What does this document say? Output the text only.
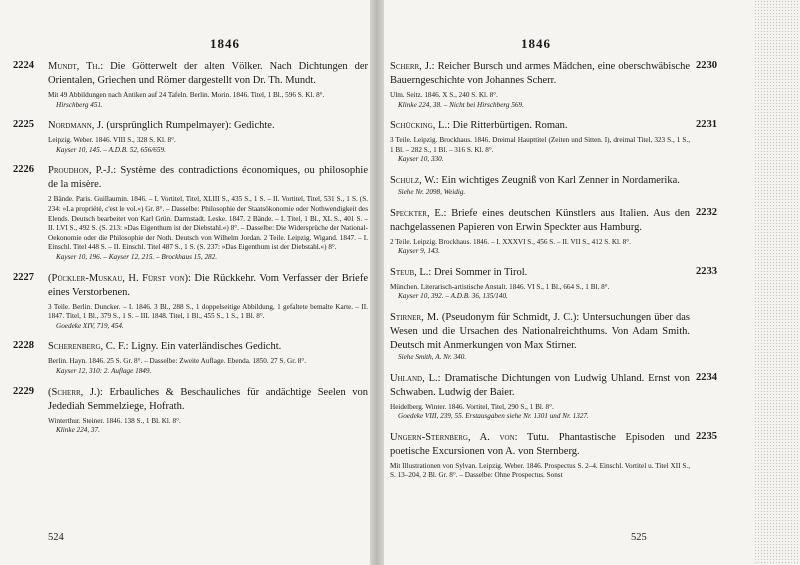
1846
2224 Mundt, Th.: Die Götterwelt der alten Völker. Nach Dichtungen der Orientalen, Griechen und Römer dargestellt von Dr. Th. Mundt.
Mit 49 Abbildungen nach Antiken auf 24 Tafeln. Berlin. Morin. 1846. Titel, 1 Bl., 596 S. Kl. 8°.
Hirschberg 451.
2225 Nordmann, J. (ursprünglich Rumpelmayer): Gedichte.
Leipzig. Weber. 1846. VIII S., 328 S. Kl. 8°.
Kayser 10, 145. – A.D.B. 52, 656/659.
2226 Proudhon, P.-J.: Système des contradictions économiques, ou philosophie de la misère.
2 Bände. Paris. Guillaumin. 1846. – I. Vortitel, Titel, XLIII S., 435 S., 1 S. – II. Vortitel, Titel, 531 S., 1 S. (S. 234: »La propriété, c'est le vol.«) Gr. 8°. – Dasselbe: Philosophie der Staatsökonomie oder Nothwendigkeit des Elends. Deutsch bearbeitet von Karl Grün. Darmstadt. Leske. 1847. 2 Bände. – I. Titel, 1 Bl., XL S., 401 S. – II. LVI S., 492 S. (S. 213: »Das Eigenthum ist der Diebstahl.«) 8°. – Dasselbe: Die Widersprüche der National-Oekonomie oder die Philosophie der Noth. Deutsch von Wilhelm Jordan. 2 Teile. Leipzig. Wigand. 1847. – I. Einschl. Titel 448 S. – II. Einschl. Titel 487 S., 1 S. (S. 237: »Das Eigenthum ist der Diebstahl.«) 8°.
Kayser 10, 196. – Kayser 12, 215. – Brockhaus 15, 282.
2227 (Pückler-Muskau, H. Fürst von): Die Rückkehr. Vom Verfasser der Briefe eines Verstorbenen.
3 Teile. Berlin. Duncker. – I. 1846. 3 Bl., 288 S., 1 doppelseitige Abbildung, 1 gefaltete bemalte Karte. – II. 1847. Titel, 1 Bl., 379 S., 1 S. – III. 1848. Titel, 1 Bl., 455 S., 1 S., 1 Bl. 8°.
Goedeke XIV, 719, 454.
2228 Scherenberg, C. F.: Ligny. Ein vaterländisches Gedicht.
Berlin. Hayn. 1846. 25 S. Gr. 8°. – Dasselbe: Zweite Auflage. Ebenda. 1850. 27 S. Gr. 8°.
Kayser 12, 310: 2. Auflage 1849.
2229 (Scherr, J.): Erbauliches & Beschauliches für andächtige Seelen von Jedediah Semmelziege, Hofrath.
Winterthur. Steiner. 1846. 138 S., 1 Bl. Kl. 8°.
Klinke 224, 37.
524
1846
2230
Scherr, J.: Reicher Bursch und armes Mädchen, eine oberschwäbische Bauerngeschichte von Johannes Scherr.
Ulm. Seitz. 1846. X S., 240 S. Kl. 8°.
Klinke 224, 38. – Nicht bei Hirschberg 569.
2231
Schücking, L.: Die Ritterbürtigen. Roman.
3 Teile. Leipzig. Brockhaus. 1846. Dreimal Haupttitel (Zeiten und Sitten. I), dreimal Titel, 323 S., 1 S., 1 Bl. – 282 S., 1 Bl. – 316 S. Kl. 8°.
Kayser 10, 330.
Schulz, W.: Ein wichtiges Zeugniß von Karl Zenner in Nordamerika.
Siehe Nr. 2098, Weidig.
2232
Speckter, E.: Briefe eines deutschen Künstlers aus Italien. Aus den nachgelassenen Papieren von Erwin Speckter aus Hamburg.
2 Teile. Leipzig. Brockhaus. 1846. – I. XXXVI S., 456 S. – II. VII S., 412 S. Kl. 8°.
Kayser 9, 143.
2233
Steub, L.: Drei Sommer in Tirol.
München. Literarisch-artistische Anstalt. 1846. VI S., 1 Bl., 664 S., 1 Bl. 8°.
Kayser 10, 392. – A.D.B. 36, 135/140.
Stirner, M. (Pseudonym für Schmidt, J. C.): Untersuchungen über das Wesen und die Ursachen des Nationalreichthums. Von Adam Smith. Deutsch mit Anmerkungen von Max Stirner.
Siehe Smith, A. Nr. 340.
2234
Uhland, L.: Dramatische Dichtungen von Ludwig Uhland. Ernst von Schwaben. Ludwig der Baier.
Heidelberg. Winter. 1846. Vortitel, Titel, 290 S., 1 Bl. 8°.
Goedeke VIII, 239, 55. Erstausgaben siehe Nr. 1301 und Nr. 1327.
2235
Ungern-Sternberg, A. von: Tutu. Phantastische Episoden und poetische Excursionen von A. von Sternberg.
Mit Illustrationen von Sylvan. Leipzig. Weber. 1846. Prospectus S. 2–4. Einschl. Vortitel u. Titel XII S., S. 13–204, 2 Bl. Gr. 8°. – Dasselbe: Ohne Prospectus. Sonst
525
